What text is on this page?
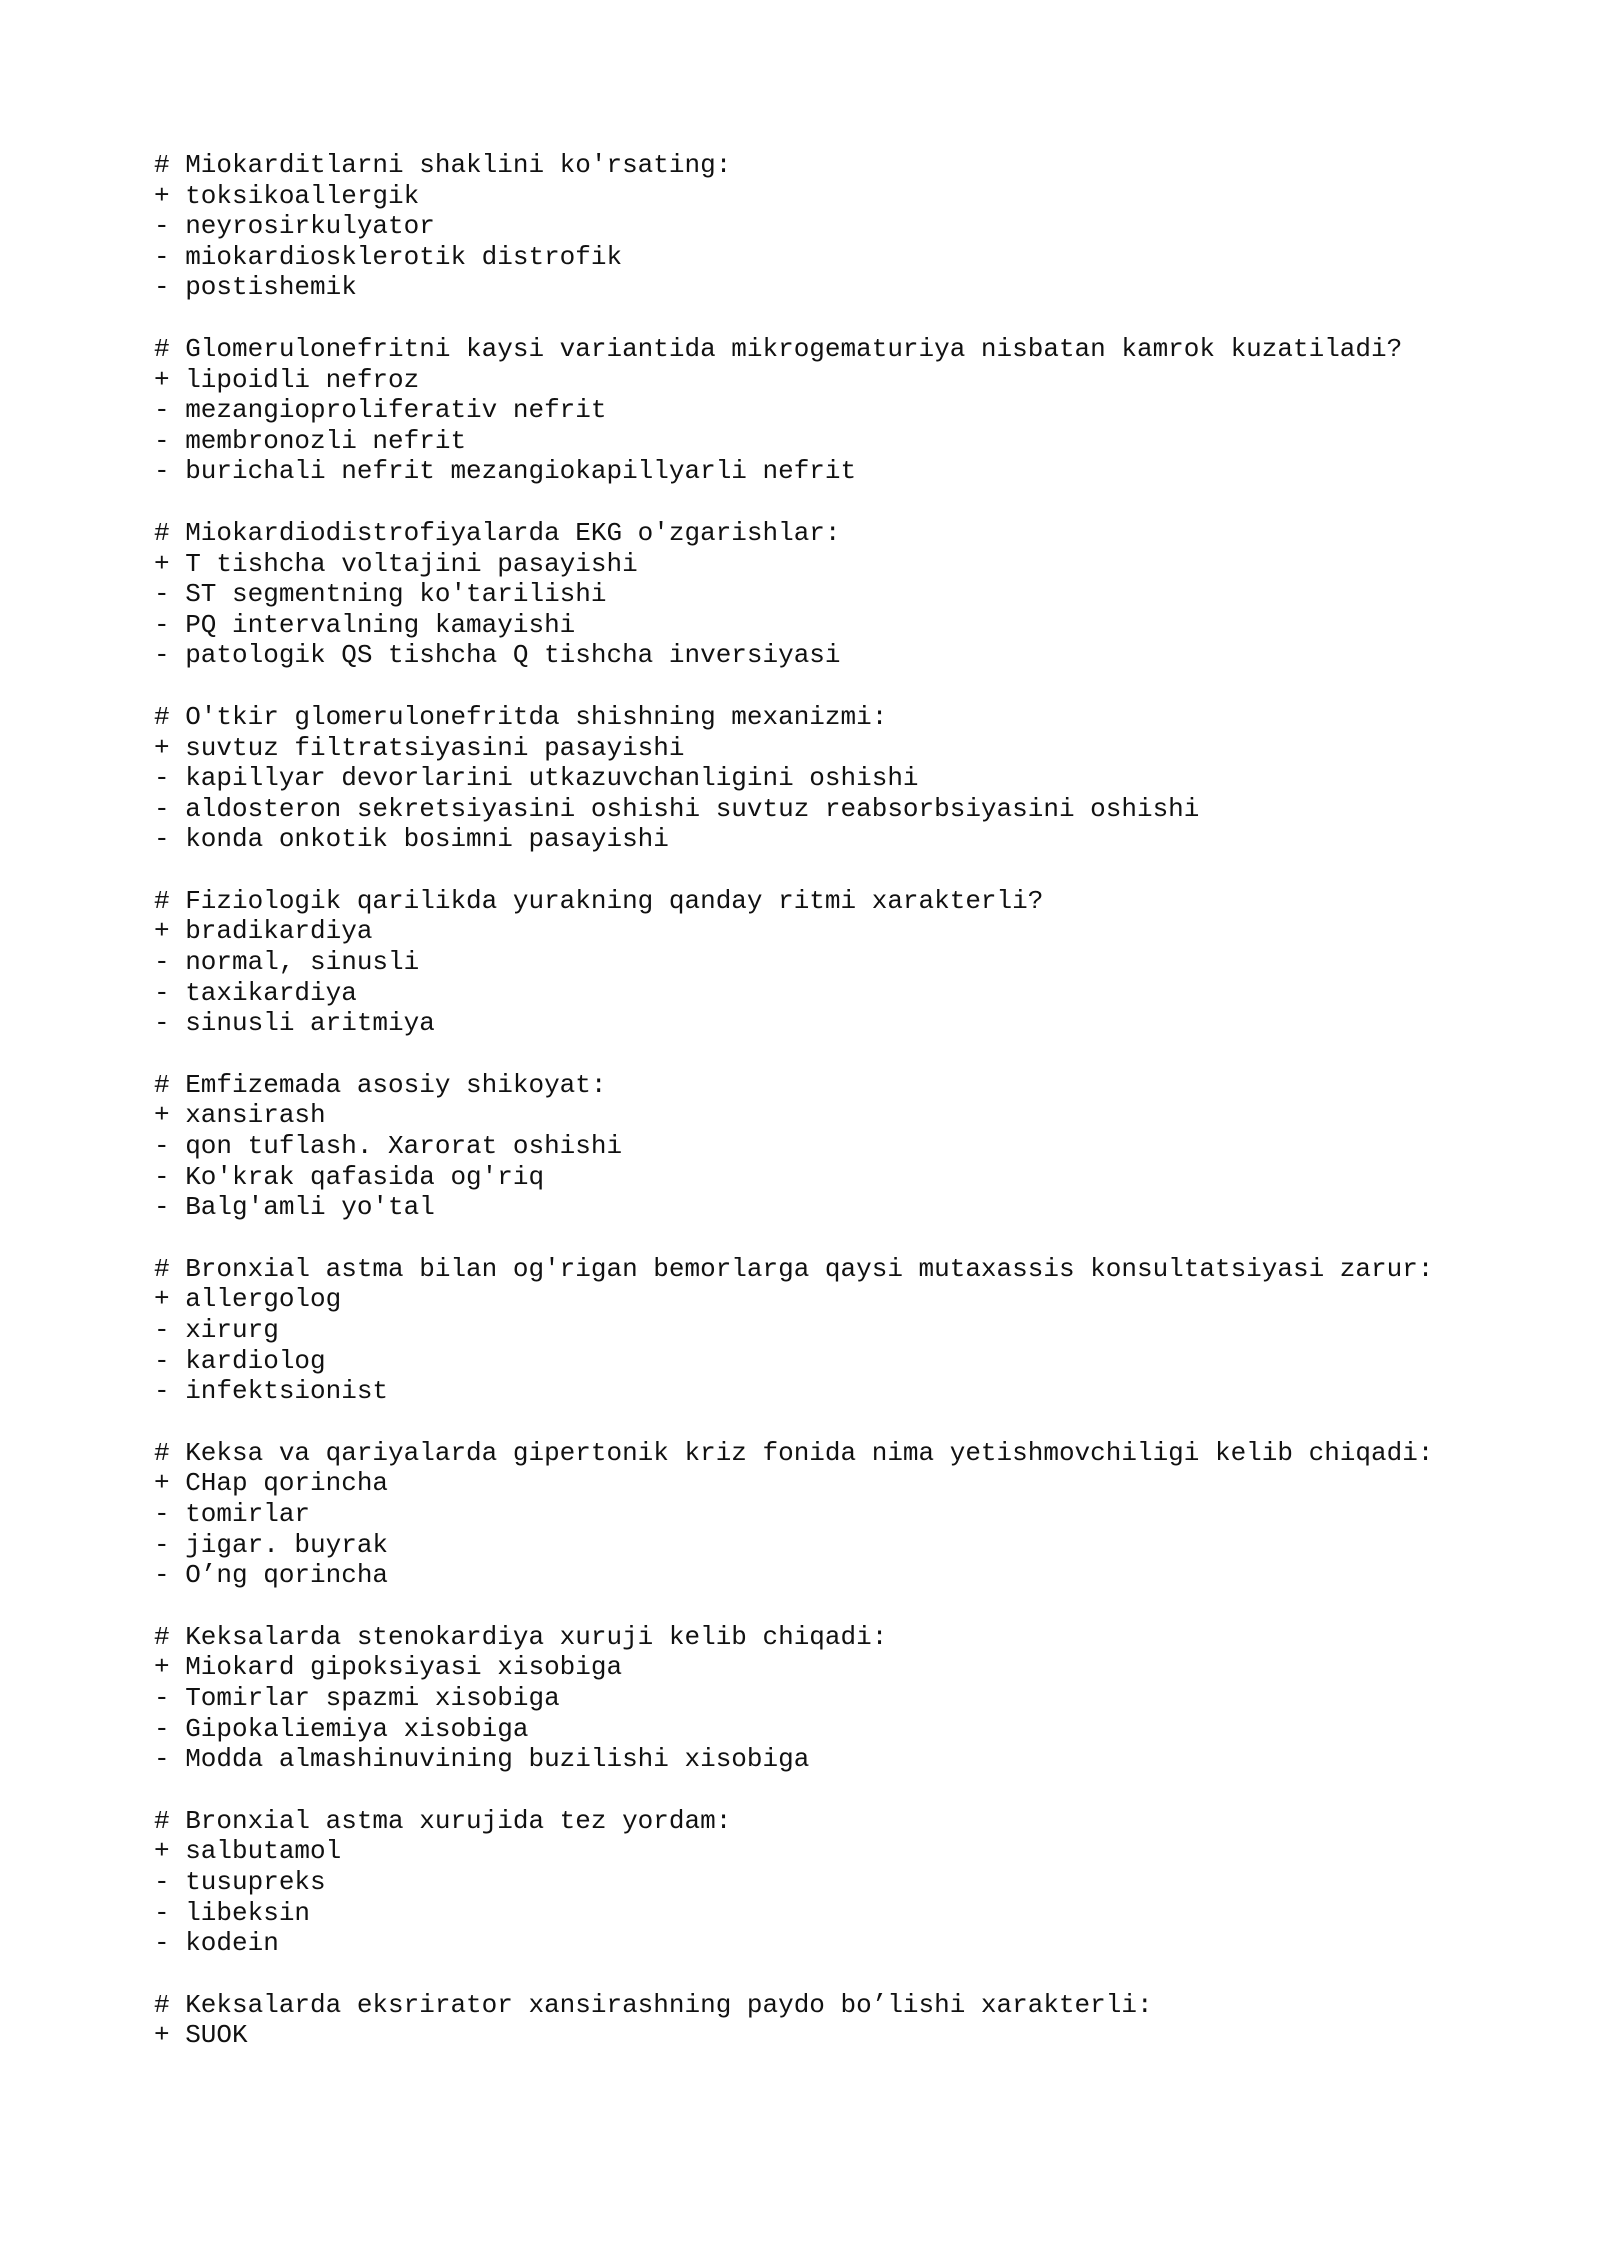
# Miokarditlarni shaklini ko'rsating:
+ toksikoallergik
- neyrosirkulyator
- miokardiosklerotik distrofik
- postishemik
# Glomerulonefritni kaysi variantida mikrogematuriya nisbatan kamrok kuzatiladi?
+ lipoidli nefroz
- mezangioproliferativ nefrit
- membronozli nefrit
- burichali nefrit mezangiokapillyarli nefrit
# Miokardiodistrofiyalarda EKG o'zgarishlar:
+ T tishcha voltajini pasayishi
- ST segmentning ko'tarilishi
- PQ intervalning kamayishi
- patologik QS tishcha Q tishcha inversiyasi
# O'tkir glomerulonefritda shishning mexanizmi:
+ suvtuz filtratsiyasini pasayishi
- kapillyar devorlarini utkazuvchanligini oshishi
- aldosteron sekretsiyasini oshishi suvtuz reabsorbsiyasini oshishi
- konda onkotik bosimni pasayishi
# Fiziologik qarilikda yurakning qanday ritmi xarakterli?
+ bradikardiya
- normal, sinusli
- taxikardiya
- sinusli aritmiya
# Emfizemada asosiy shikoyat:
+ xansirash
- qon tuflash. Xarorat oshishi
- Ko'krak qafasida og'riq
- Balg'amli yo'tal
# Bronxial astma bilan og'rigan bemorlarga qaysi mutaxassis konsultatsiyasi zarur:
+ allergolog
- xirurg
- kardiolog
- infektsionist
# Keksa va qariyalarda gipertonik kriz fonida nima yetishmovchiligi kelib chiqadi:
+ CHap qorincha
- tomirlar
- jigar. buyrak
- O’ng qorincha
# Keksalarda stenokardiya xuruji kelib chiqadi:
+ Miokard gipoksiyasi xisobiga
- Tomirlar spazmi xisobiga
- Gipokaliemiya xisobiga
- Modda almashinuvining buzilishi xisobiga
# Bronxial astma xurujida tez yordam:
+ salbutamol
- tusupreks
- libeksin
- kodein
# Keksalarda eksrirator xansirashning paydo bo’lishi xarakterli:
+ SUOK
